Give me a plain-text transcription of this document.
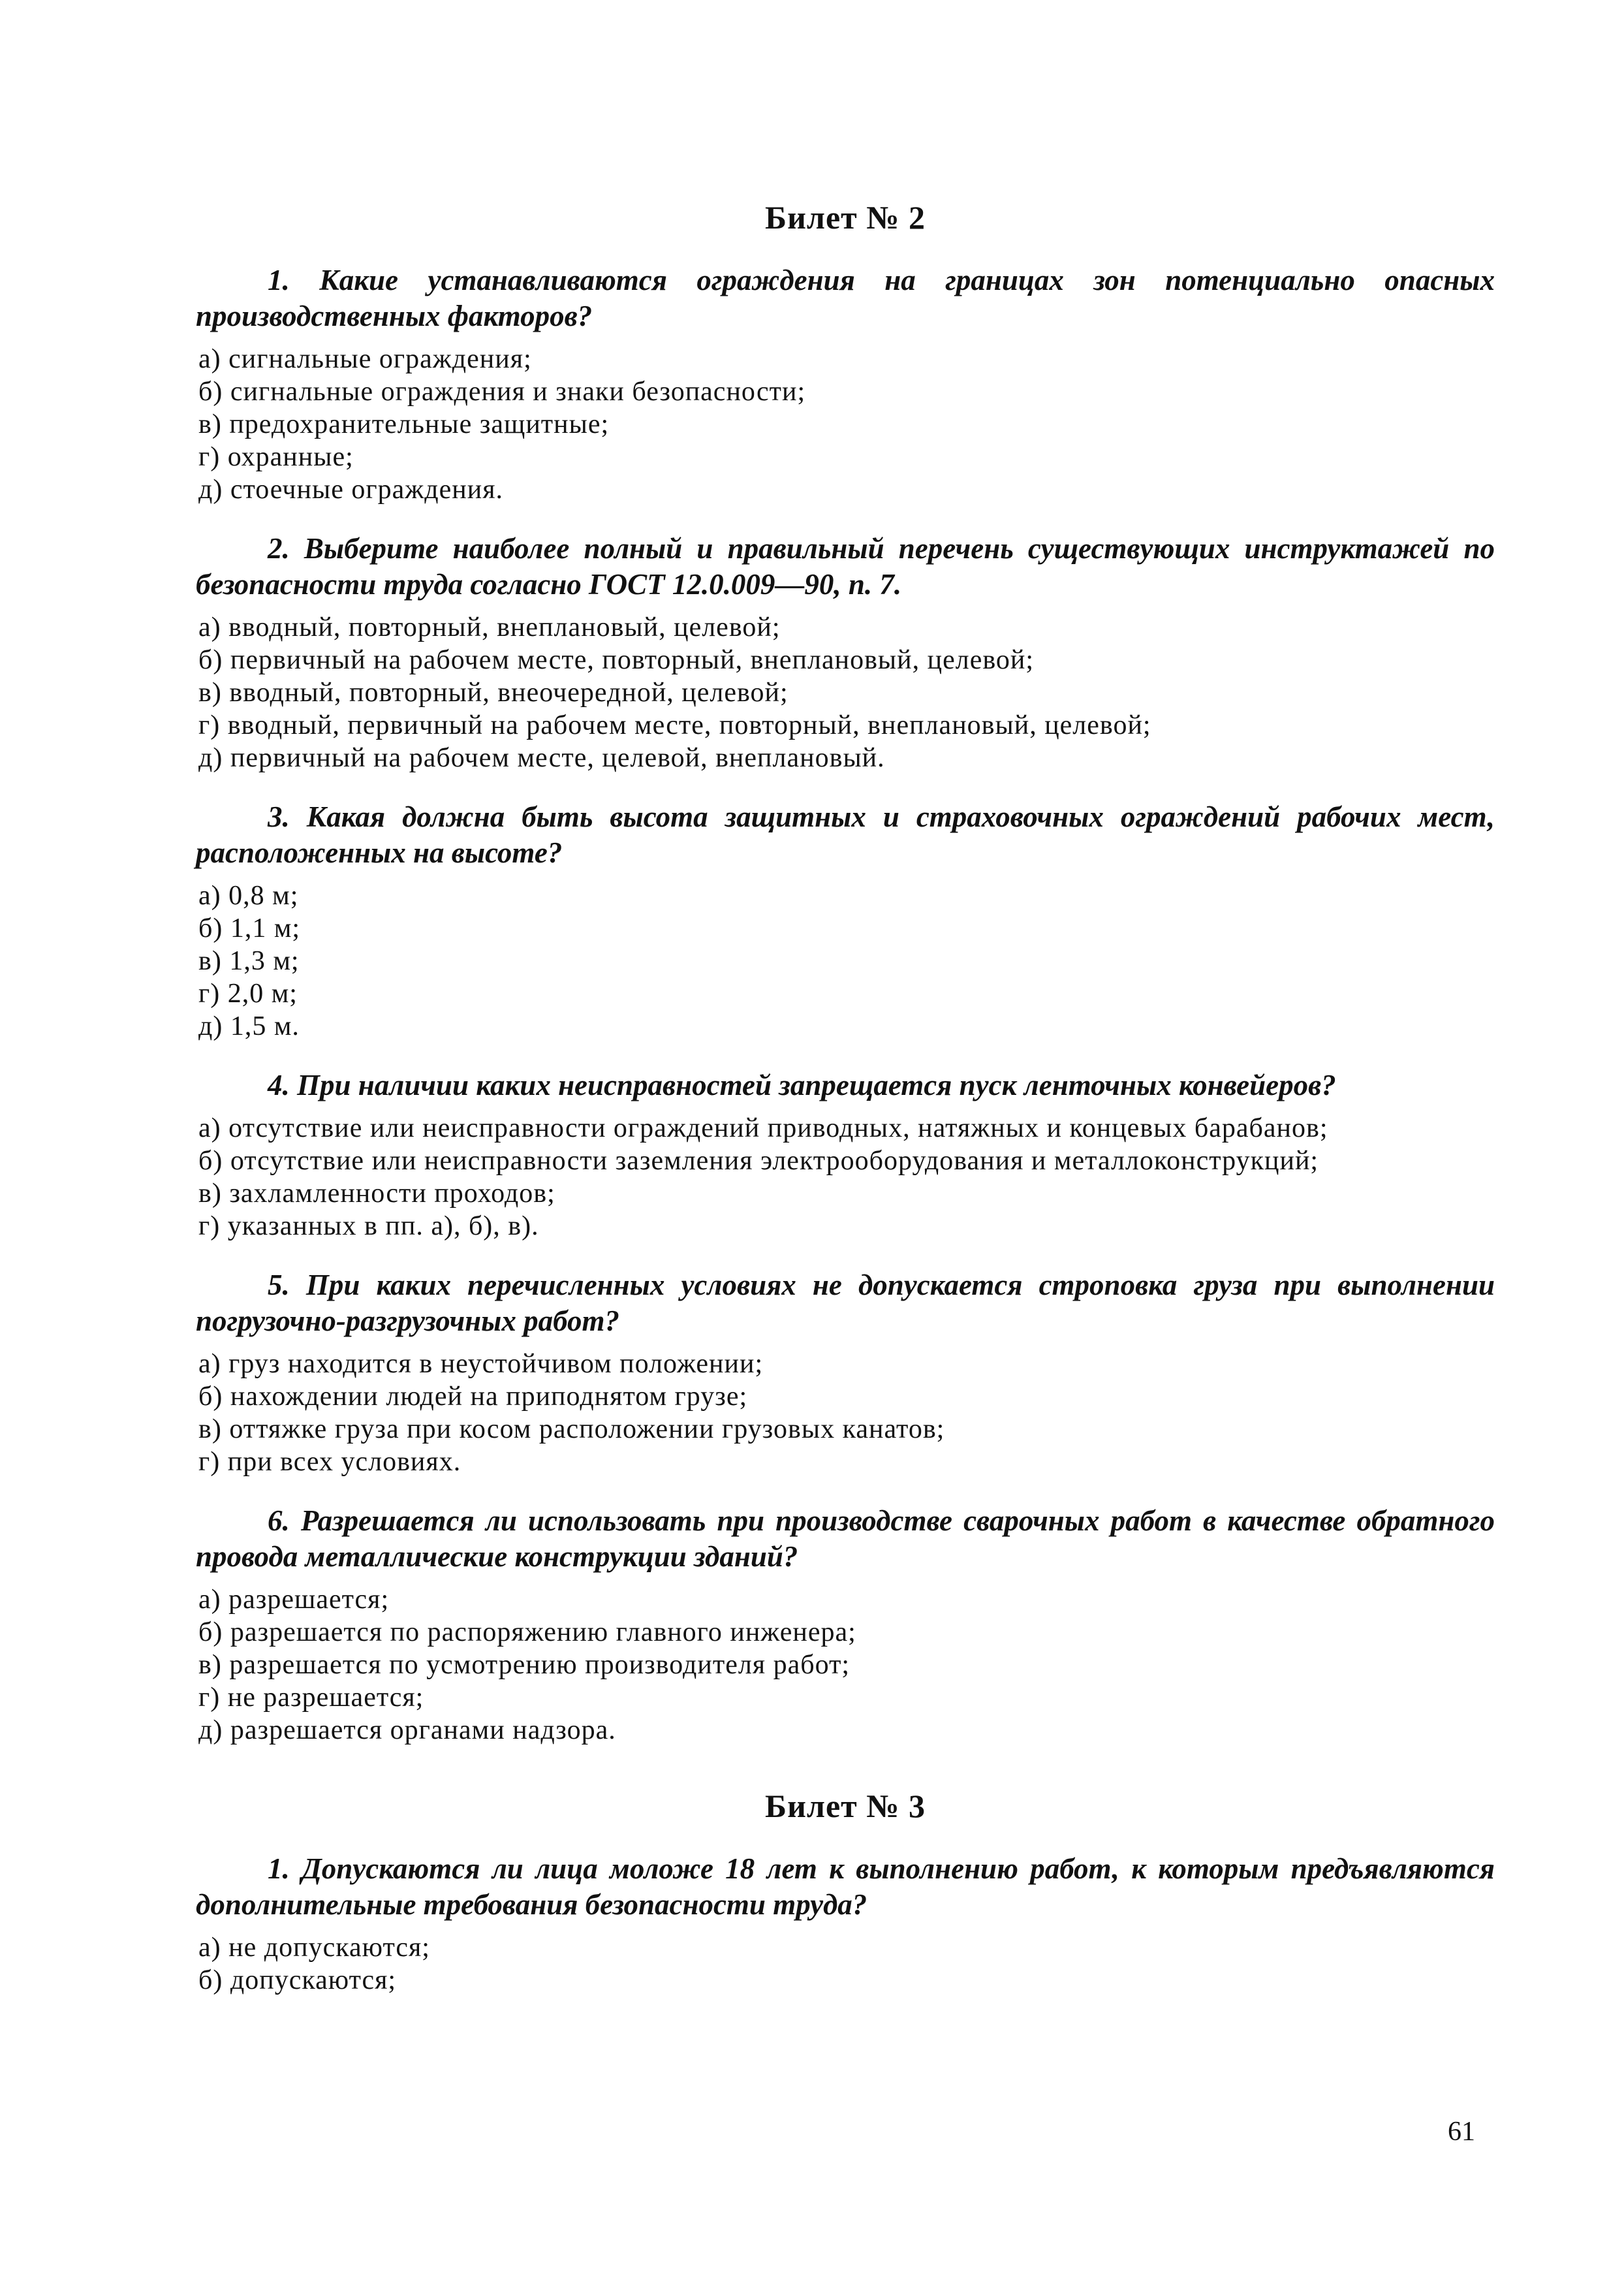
Билет № 2

1. Какие устанавливаются ограждения на границах зон потенциально опасных производственных факторов?

а) сигнальные ограждения;
б) сигнальные ограждения и знаки безопасности;
в) предохранительные защитные;
г) охранные;
д) стоечные ограждения.

2. Выберите наиболее полный и правильный перечень существующих инструктажей по безопасности труда согласно ГОСТ 12.0.009—90, п. 7.

а) вводный, повторный, внеплановый, целевой;
б) первичный на рабочем месте, повторный, внеплановый, целевой;
в) вводный, повторный, внеочередной, целевой;
г) вводный, первичный на рабочем месте, повторный, внеплановый, целевой;
д) первичный на рабочем месте, целевой, внеплановый.

3. Какая должна быть высота защитных и страховочных ограждений рабочих мест, расположенных на высоте?

а) 0,8 м;
б) 1,1 м;
в) 1,3 м;
г) 2,0 м;
д) 1,5 м.

4. При наличии каких неисправностей запрещается пуск ленточных конвейеров?

а) отсутствие или неисправности ограждений приводных, натяжных и концевых барабанов;
б) отсутствие или неисправности заземления электрооборудования и металлоконструкций;
в) захламленности проходов;
г) указанных в пп. а), б), в).

5. При каких перечисленных условиях не допускается строповка груза при выполнении погрузочно-разгрузочных работ?

а) груз находится в неустойчивом положении;
б) нахождении людей на приподнятом грузе;
в) оттяжке груза при косом расположении грузовых канатов;
г) при всех условиях.

6. Разрешается ли использовать при производстве сварочных работ в качестве обратного провода металлические конструкции зданий?

а) разрешается;
б) разрешается по распоряжению главного инженера;
в) разрешается по усмотрению производителя работ;
г) не разрешается;
д) разрешается органами надзора.
Билет № 3

1. Допускаются ли лица моложе 18 лет к выполнению работ, к которым предъявляются дополнительные требования безопасности труда?

а) не допускаются;
б) допускаются;
61
